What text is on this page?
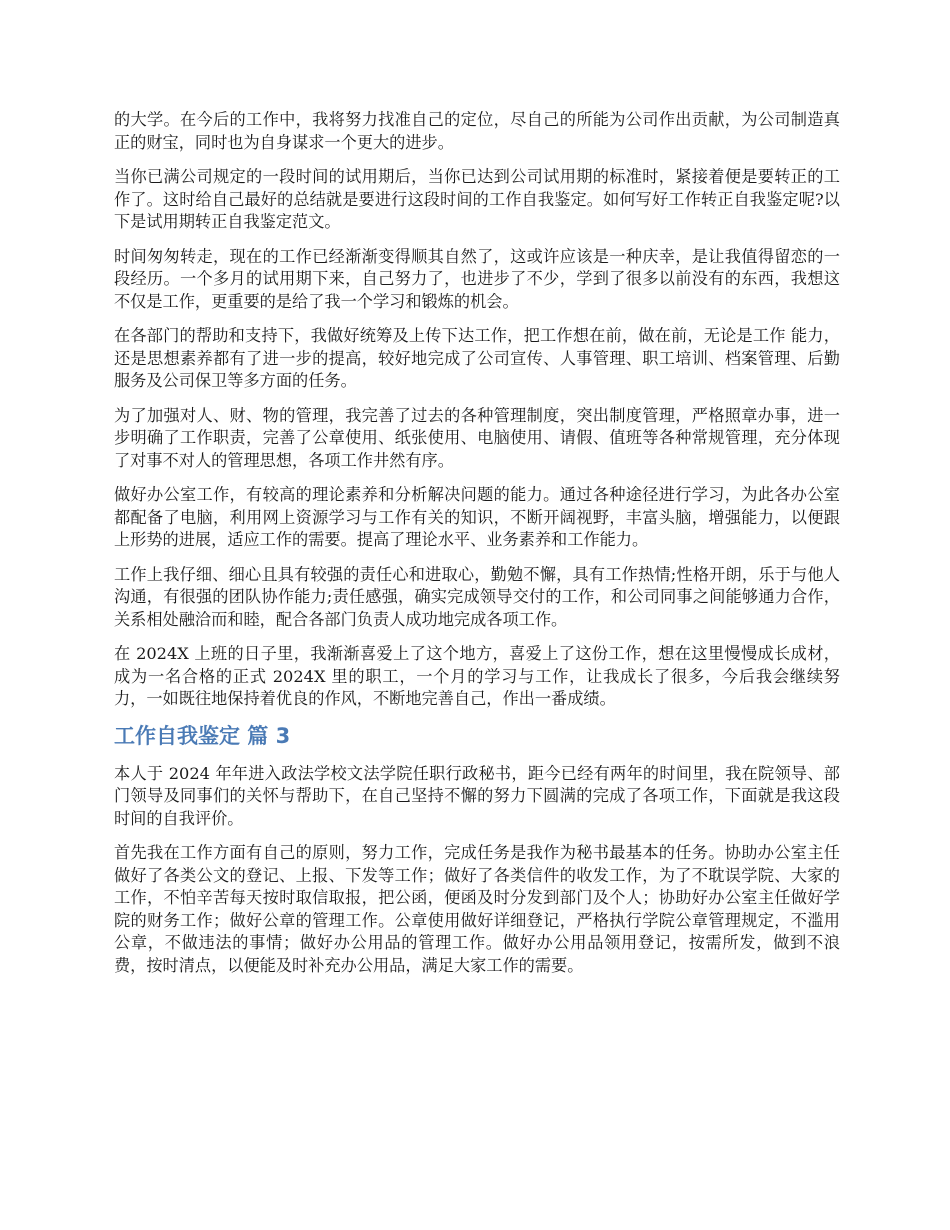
的大学。在今后的工作中，我将努力找准自己的定位，尽自己的所能为公司作出贡献，为公司制造真正的财宝，同时也为自身谋求一个更大的进步。

当你已满公司规定的一段时间的试用期后，当你已达到公司试用期的标准时，紧接着便是要转正的工作了。这时给自己最好的总结就是要进行这段时间的工作自我鉴定。如何写好工作转正自我鉴定呢?以下是试用期转正自我鉴定范文。

时间匆匆转走，现在的工作已经渐渐变得顺其自然了，这或许应该是一种庆幸，是让我值得留恋的一段经历。一个多月的试用期下来，自己努力了，也进步了不少，学到了很多以前没有的东西，我想这不仅是工作，更重要的是给了我一个学习和锻炼的机会。

在各部门的帮助和支持下，我做好统筹及上传下达工作，把工作想在前，做在前，无论是工作 能力，还是思想素养都有了进一步的提高，较好地完成了公司宣传、人事管理、职工培训、档案管理、后勤服务及公司保卫等多方面的任务。

为了加强对人、财、物的管理，我完善了过去的各种管理制度，突出制度管理，严格照章办事，进一步明确了工作职责，完善了公章使用、纸张使用、电脑使用、请假、值班等各种常规管理，充分体现了对事不对人的管理思想，各项工作井然有序。

做好办公室工作，有较高的理论素养和分析解决问题的能力。通过各种途径进行学习，为此各办公室都配备了电脑，利用网上资源学习与工作有关的知识，不断开阔视野，丰富头脑，增强能力，以便跟上形势的进展，适应工作的需要。提高了理论水平、业务素养和工作能力。

工作上我仔细、细心且具有较强的责任心和进取心，勤勉不懈，具有工作热情;性格开朗，乐于与他人沟通，有很强的团队协作能力;责任感强，确实完成领导交付的工作，和公司同事之间能够通力合作，关系相处融洽而和睦，配合各部门负责人成功地完成各项工作。

在 2024X 上班的日子里，我渐渐喜爱上了这个地方，喜爱上了这份工作，想在这里慢慢成长成材，成为一名合格的正式 2024X 里的职工，一个月的学习与工作，让我成长了很多，今后我会继续努力，一如既往地保持着优良的作风，不断地完善自己，作出一番成绩。

工作自我鉴定 篇 3

本人于 2024 年年进入政法学校文法学院任职行政秘书，距今已经有两年的时间里，我在院领导、部门领导及同事们的关怀与帮助下，在自己坚持不懈的努力下圆满的完成了各项工作，下面就是我这段时间的自我评价。

首先我在工作方面有自己的原则，努力工作，完成任务是我作为秘书最基本的任务。协助办公室主任做好了各类公文的登记、上报、下发等工作；做好了各类信件的收发工作，为了不耽误学院、大家的工作，不怕辛苦每天按时取信取报，把公函，便函及时分发到部门及个人；协助好办公室主任做好学院的财务工作；做好公章的管理工作。公章使用做好详细登记，严格执行学院公章管理规定，不滥用公章，不做违法的事情；做好办公用品的管理工作。做好办公用品领用登记，按需所发，做到不浪费，按时清点，以便能及时补充办公用品，满足大家工作的需要。
